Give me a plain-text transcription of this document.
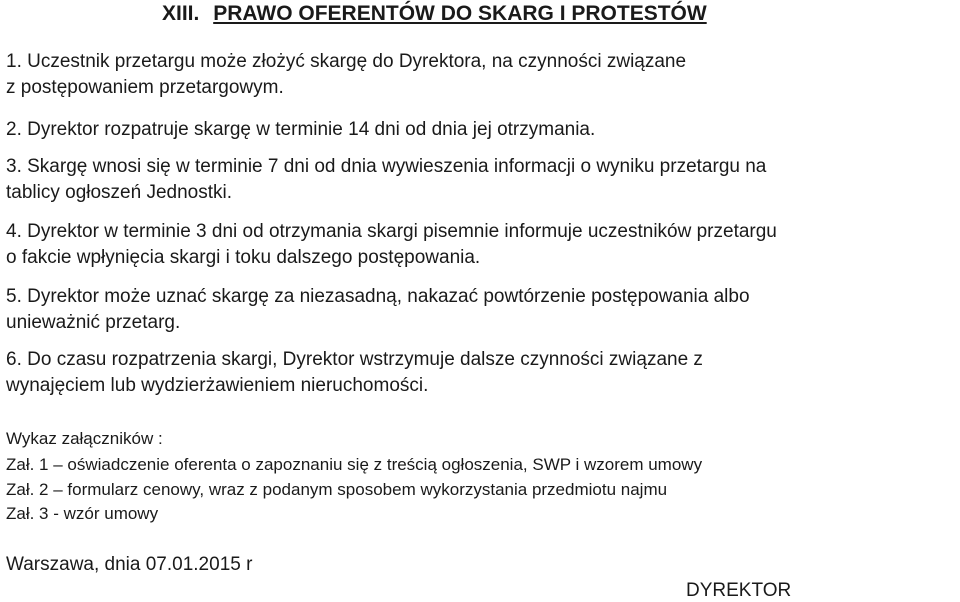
XIII. PRAWO OFERENTÓW DO SKARG I PROTESTÓW
1. Uczestnik przetargu może złożyć skargę do Dyrektora, na czynności związane
z postępowaniem przetargowym.
2. Dyrektor rozpatruje skargę w terminie 14 dni od dnia jej otrzymania.
3. Skargę wnosi się w terminie 7 dni od dnia wywieszenia informacji o wyniku przetargu na
tablicy ogłoszeń Jednostki.
4. Dyrektor w terminie 3 dni od otrzymania skargi pisemnie informuje uczestników przetargu
o fakcie wpłynięcia skargi i toku dalszego postępowania.
5. Dyrektor może uznać skargę za niezasadną, nakazać powtórzenie postępowania albo
unieważnić przetarg.
6. Do czasu rozpatrzenia skargi, Dyrektor wstrzymuje dalsze czynności związane z
wynajęciem lub wydzierżawieniem nieruchomości.
Wykaz załączników :
Zał. 1 – oświadczenie oferenta o zapoznaniu się z treścią ogłoszenia, SWP i wzorem umowy
Zał. 2 – formularz cenowy, wraz z podanym sposobem wykorzystania przedmiotu najmu
Zał. 3 - wzór umowy
Warszawa, dnia 07.01.2015 r
DYREKTOR
